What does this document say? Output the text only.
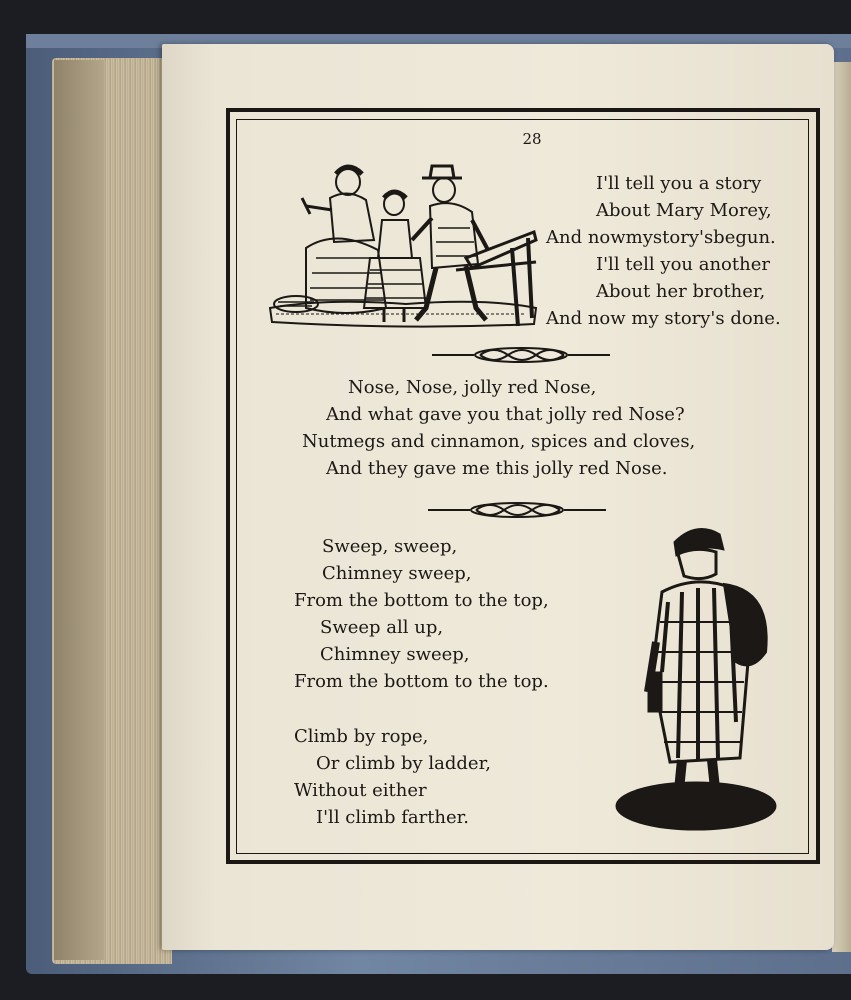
28
I'll tell you a story
About Mary Morey,
And nowmystory'sbegun.
I'll tell you another
About her brother,
And now my story's done.
Nose, Nose, jolly red Nose,
And what gave you that jolly red Nose?
Nutmegs and cinnamon, spices and cloves,
And they gave me this jolly red Nose.
Sweep, sweep,
Chimney sweep,
From the bottom to the top,
Sweep all up,
Chimney sweep,
From the bottom to the top.
Climb by rope,
Or climb by ladder,
Without either
I'll climb farther.
